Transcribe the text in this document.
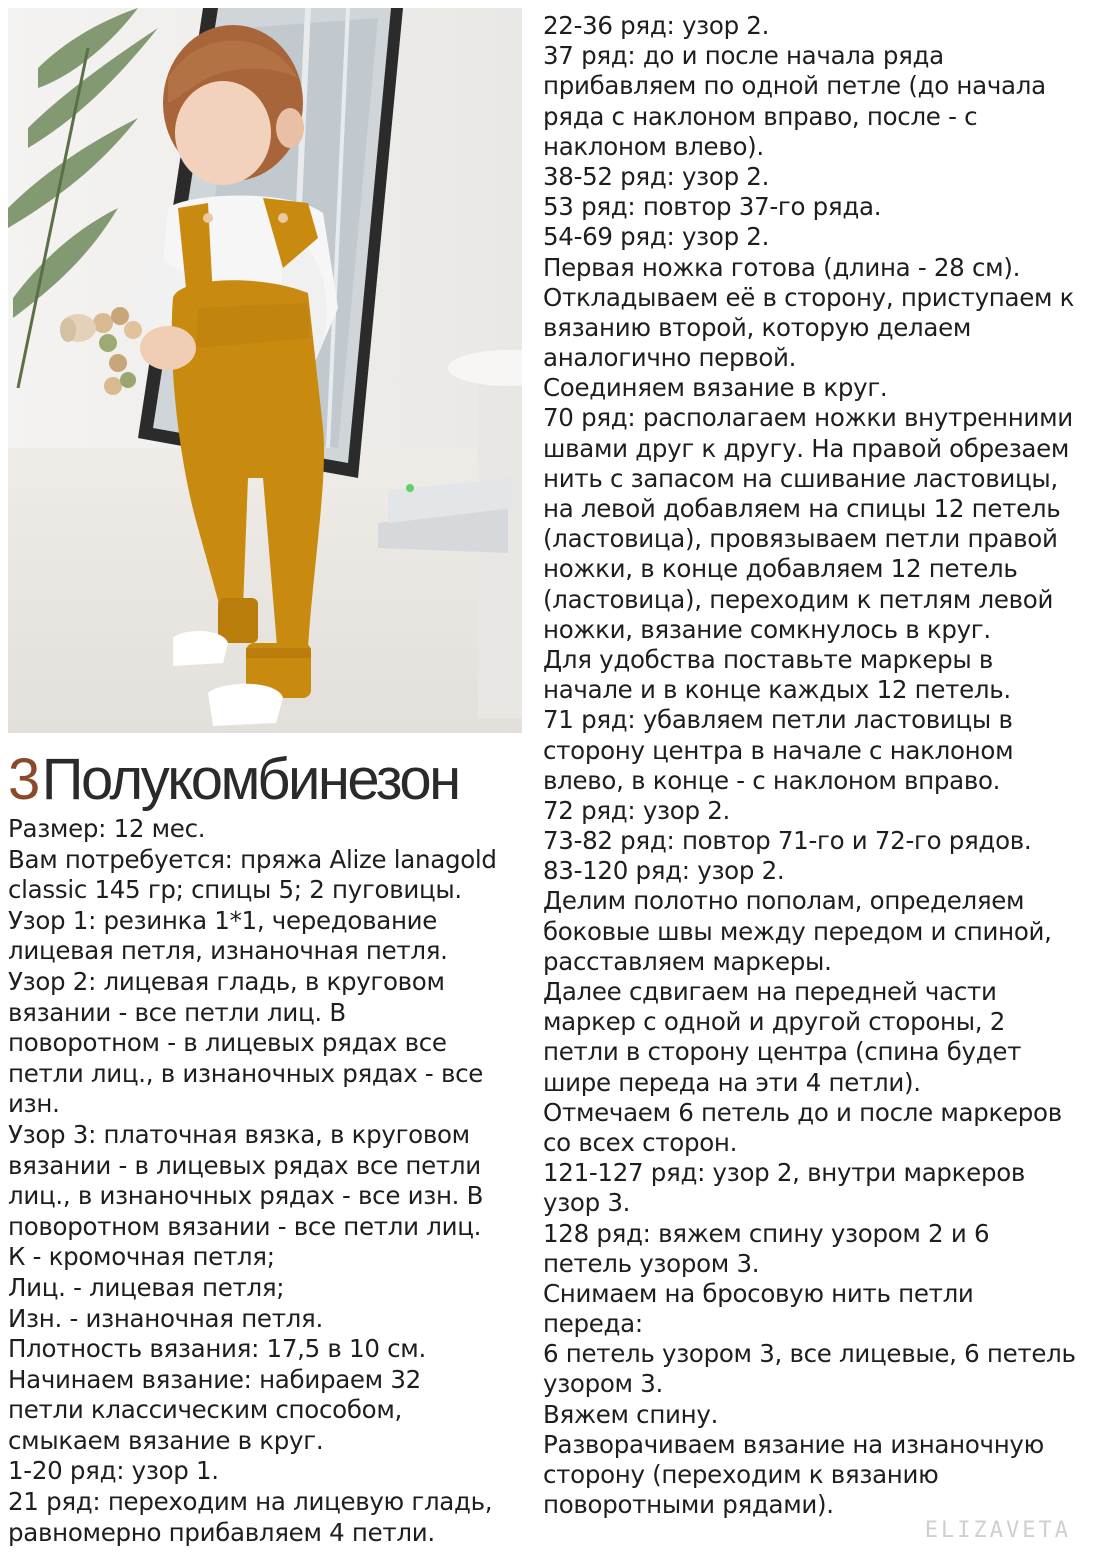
3Полукомбинезон
Размер: 12 мес.
Вам потребуется: пряжа Alize lanagold
classic 145 гр; спицы 5; 2 пуговицы.
Узор 1: резинка 1*1, чередование
лицевая петля, изнаночная петля.
Узор 2: лицевая гладь, в круговом
вязании - все петли лиц. В
поворотном - в лицевых рядах все
петли лиц., в изнаночных рядах - все
изн.
Узор 3: платочная вязка, в круговом
вязании - в лицевых рядах все петли
лиц., в изнаночных рядах - все изн. В
поворотном вязании - все петли лиц.
К - кромочная петля;
Лиц. - лицевая петля;
Изн. - изнаночная петля.
Плотность вязания: 17,5 в 10 см.
Начинаем вязание: набираем 32
петли классическим способом,
смыкаем вязание в круг.
1-20 ряд: узор 1.
21 ряд: переходим на лицевую гладь,
равномерно прибавляем 4 петли.
22-36 ряд: узор 2.
37 ряд: до и после начала ряда
прибавляем по одной петле (до начала
ряда с наклоном вправо, после - с
наклоном влево).
38-52 ряд: узор 2.
53 ряд: повтор 37-го ряда.
54-69 ряд: узор 2.
Первая ножка готова (длина - 28 см).
Откладываем её в сторону, приступаем к
вязанию второй, которую делаем
аналогично первой.
Соединяем вязание в круг.
70 ряд: располагаем ножки внутренними
швами друг к другу. На правой обрезаем
нить с запасом на сшивание ластовицы,
на левой добавляем на спицы 12 петель
(ластовица), провязываем петли правой
ножки, в конце добавляем 12 петель
(ластовица), переходим к петлям левой
ножки, вязание сомкнулось в круг.
Для удобства поставьте маркеры в
начале и в конце каждых 12 петель.
71 ряд: убавляем петли ластовицы в
сторону центра в начале с наклоном
влево, в конце - с наклоном вправо.
72 ряд: узор 2.
73-82 ряд: повтор 71-го и 72-го рядов.
83-120 ряд: узор 2.
Делим полотно пополам, определяем
боковые швы между передом и спиной,
расставляем маркеры.
Далее сдвигаем на передней части
маркер с одной и другой стороны, 2
петли в сторону центра (спина будет
шире переда на эти 4 петли).
Отмечаем 6 петель до и после маркеров
со всех сторон.
121-127 ряд: узор 2, внутри маркеров
узор 3.
128 ряд: вяжем спину узором 2 и 6
петель узором 3.
Снимаем на бросовую нить петли
переда:
6 петель узором 3, все лицевые, 6 петель
узором 3.
Вяжем спину.
Разворачиваем вязание на изнаночную
сторону (переходим к вязанию
поворотными рядами).
ELIZAVETA
